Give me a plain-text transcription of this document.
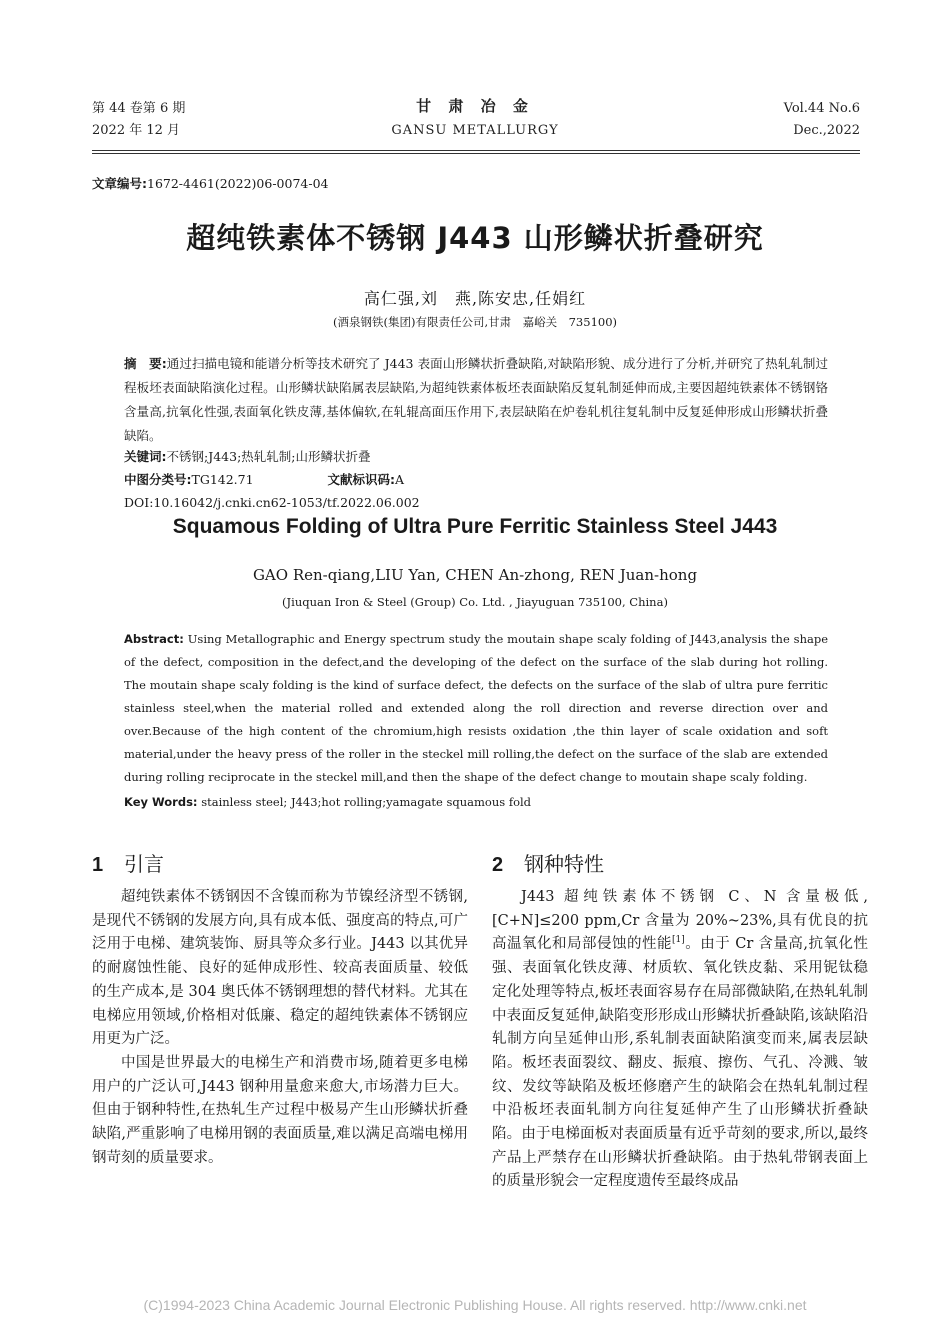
第 44 卷第 6 期
2022 年 12 月
甘 肃 冶 金
GANSU METALLURGY
Vol.44 No.6
Dec.,2022
文章编号:1672-4461(2022)06-0074-04
超纯铁素体不锈钢 J443 山形鳞状折叠研究
高仁强,刘　燕,陈安忠,任娟红
(酒泉钢铁(集团)有限责任公司,甘肃　嘉峪关　735100)
摘　要:通过扫描电镜和能谱分析等技术研究了 J443 表面山形鳞状折叠缺陷,对缺陷形貌、成分进行了分析,并研究了热轧轧制过程板坯表面缺陷演化过程。山形鳞状缺陷属表层缺陷,为超纯铁素体板坯表面缺陷反复轧制延伸而成,主要因超纯铁素体不锈钢铬含量高,抗氧化性强,表面氧化铁皮薄,基体偏软,在轧辊高面压作用下,表层缺陷在炉卷轧机往复轧制中反复延伸形成山形鳞状折叠缺陷。
关键词:不锈钢;J443;热轧轧制;山形鳞状折叠
中图分类号:TG142.71	文献标识码:A
DOI:10.16042/j.cnki.cn62-1053/tf.2022.06.002
Squamous Folding of Ultra Pure Ferritic Stainless Steel J443
GAO Ren-qiang,LIU Yan, CHEN An-zhong, REN Juan-hong
(Jiuquan Iron & Steel (Group) Co. Ltd. , Jiayuguan 735100, China)
Abstract: Using Metallographic and Energy spectrum study the moutain shape scaly folding of J443,analysis the shape of the defect, composition in the defect,and the developing of the defect on the surface of the slab during hot rolling. The moutain shape scaly folding is the kind of surface defect, the defects on the surface of the slab of ultra pure ferritic stainless steel,when the material rolled and extended along the roll direction and reverse direction over and over.Because of the high content of the chromium,high resists oxidation ,the thin layer of scale oxidation and soft material,under the heavy press of the roller in the steckel mill rolling,the defect on the surface of the slab are extended during rolling reciprocate in the steckel mill,and then the shape of the defect change to moutain shape scaly folding.
Key Words: stainless steel; J443;hot rolling;yamagate squamous fold
1 引言

超纯铁素体不锈钢因不含镍而称为节镍经济型不锈钢,是现代不锈钢的发展方向,具有成本低、强度高的特点,可广泛用于电梯、建筑装饰、厨具等众多行业。J443 以其优异的耐腐蚀性能、良好的延伸成形性、较高表面质量、较低的生产成本,是 304 奥氏体不锈钢理想的替代材料。尤其在电梯应用领域,价格相对低廉、稳定的超纯铁素体不锈钢应用更为广泛。

中国是世界最大的电梯生产和消费市场,随着更多电梯用户的广泛认可,J443 钢种用量愈来愈大,市场潜力巨大。但由于钢种特性,在热轧生产过程中极易产生山形鳞状折叠缺陷,严重影响了电梯用钢的表面质量,难以满足高端电梯用钢苛刻的质量要求。

2 钢种特性

J443 超纯铁素体不锈钢 C、N 含量极低,[C+N]≤200 ppm,Cr 含量为 20%~23%,具有优良的抗高温氧化和局部侵蚀的性能[1]。由于 Cr 含量高,抗氧化性强、表面氧化铁皮薄、材质软、氧化铁皮黏、采用铌钛稳定化处理等特点,板坯表面容易存在局部微缺陷,在热轧轧制中表面反复延伸,缺陷变形形成山形鳞状折叠缺陷,该缺陷沿轧制方向呈延伸山形,系轧制表面缺陷演变而来,属表层缺陷。板坯表面裂纹、翻皮、振痕、擦伤、气孔、冷溅、皱纹、发纹等缺陷及板坯修磨产生的缺陷会在热轧轧制过程中沿板坯表面轧制方向往复延伸产生了山形鳞状折叠缺陷。由于电梯面板对表面质量有近乎苛刻的要求,所以,最终产品上严禁存在山形鳞状折叠缺陷。由于热轧带钢表面上的质量形貌会一定程度遗传至最终成品

(C)1994-2023 China Academic Journal Electronic Publishing House. All rights reserved. http://www.cnki.net
